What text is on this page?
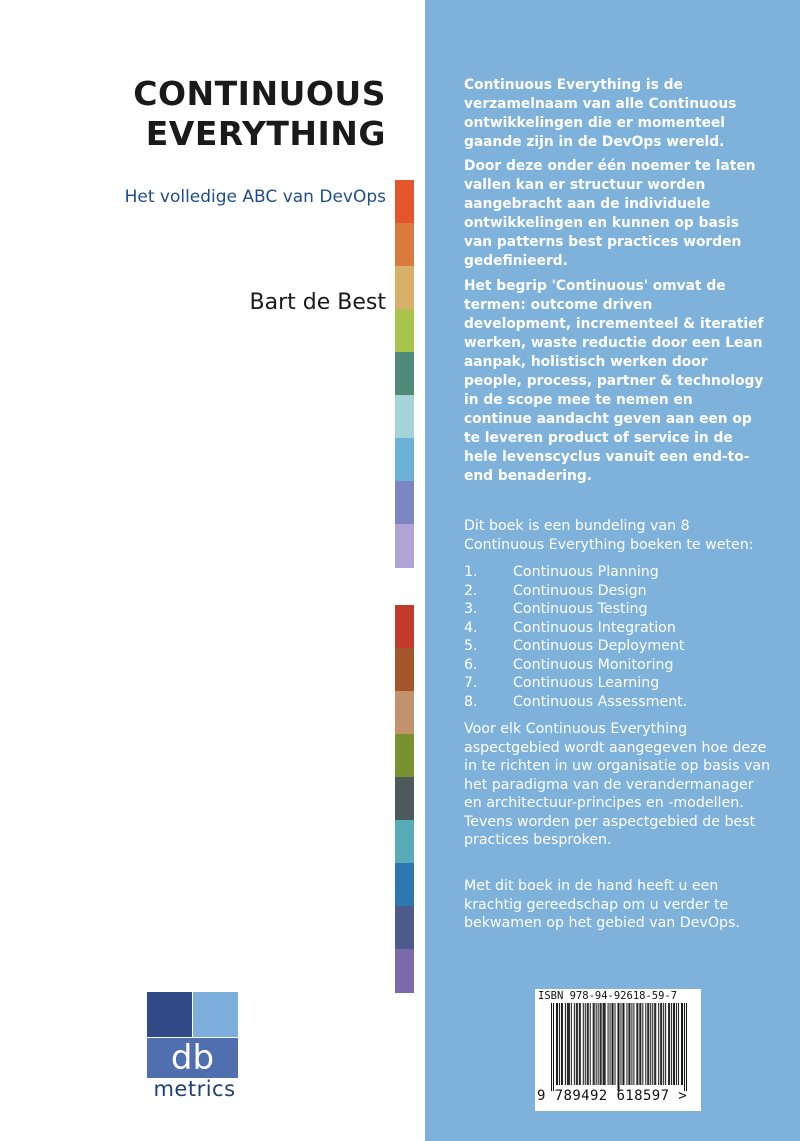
CONTINUOUS
EVERYTHING
Het volledige ABC van DevOps
Bart de Best
db
metrics
Continuous Everything is de verzamelnaam van alle Continuous ontwikkelingen die er momenteel gaande zijn in de DevOps wereld.
Door deze onder één noemer te laten vallen kan er structuur worden aangebracht aan de individuele ontwikkelingen en kunnen op basis van patterns best practices worden gedefinieerd.
Het begrip 'Continuous' omvat de termen: outcome driven development, incrementeel & iteratief werken, waste reductie door een Lean aanpak, holistisch werken door people, process, partner & technology in de scope mee te nemen en continue aandacht geven aan een op te leveren product of service in de hele levenscyclus vanuit een end-to-end benadering.
Dit boek is een bundeling van 8 Continuous Everything boeken te weten:
1. Continuous Planning
2. Continuous Design
3. Continuous Testing
4. Continuous Integration
5. Continuous Deployment
6. Continuous Monitoring
7. Continuous Learning
8. Continuous Assessment.
Voor elk Continuous Everything aspectgebied wordt aangegeven hoe deze in te richten in uw organisatie op basis van het paradigma van de verandermanager en architectuur-principes en -modellen. Tevens worden per aspectgebied de best practices besproken.
Met dit boek in de hand heeft u een krachtig gereedschap om u verder te bekwamen op het gebied van DevOps.
ISBN 978-94-92618-59-7
9 789492 618597 >
